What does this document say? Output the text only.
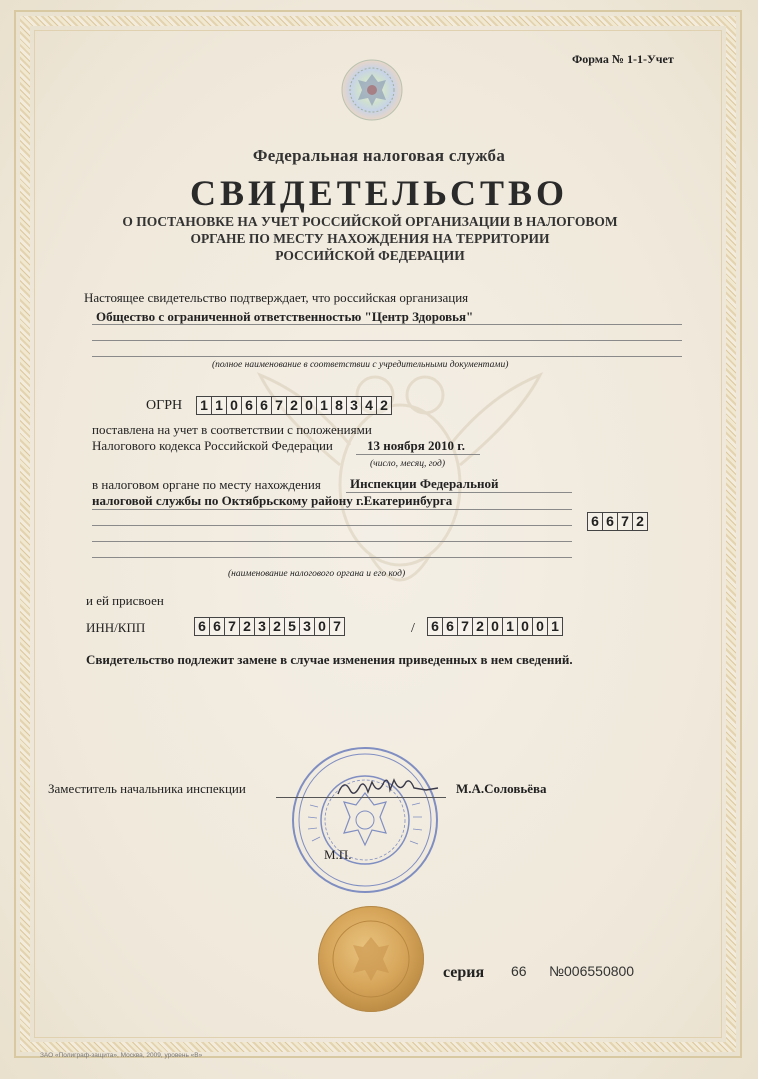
Форма № 1-1-Учет
Федеральная налоговая служба
СВИДЕТЕЛЬСТВО
О ПОСТАНОВКЕ НА УЧЕТ РОССИЙСКОЙ ОРГАНИЗАЦИИ В НАЛОГОВОМ
ОРГАНЕ ПО МЕСТУ НАХОЖДЕНИЯ НА ТЕРРИТОРИИ
РОССИЙСКОЙ ФЕДЕРАЦИИ
Настоящее свидетельство подтверждает, что российская организация
Общество с ограниченной ответственностью "Центр Здоровья"
(полное наименование в соответствии с учредительными документами)
ОГРН 1 1 0 6 6 7 2 0 1 8 3 4 2
поставлена на учет в соответствии с положениями
Налогового кодекса Российской Федерации	13 ноября 2010 г.
(число, месяц, год)
в налоговом органе по месту нахождения Инспекции Федеральной
налоговой службы по Октябрьскому району г.Екатеринбурга
6 6 7 2
(наименование налогового органа и его код)
и ей присвоен
ИНН/КПП	6 6 7 2 3 2 5 3 0 7	/ 6 6 7 2 0 1 0 0 1
Свидетельство подлежит замене в случае изменения приведенных в нем сведений.
Заместитель начальника инспекции	М.А.Соловьёва
М.П.
серия 66 №006550800
ЗАО «Полиграф-защита», Москва, 2009, уровень «В»
